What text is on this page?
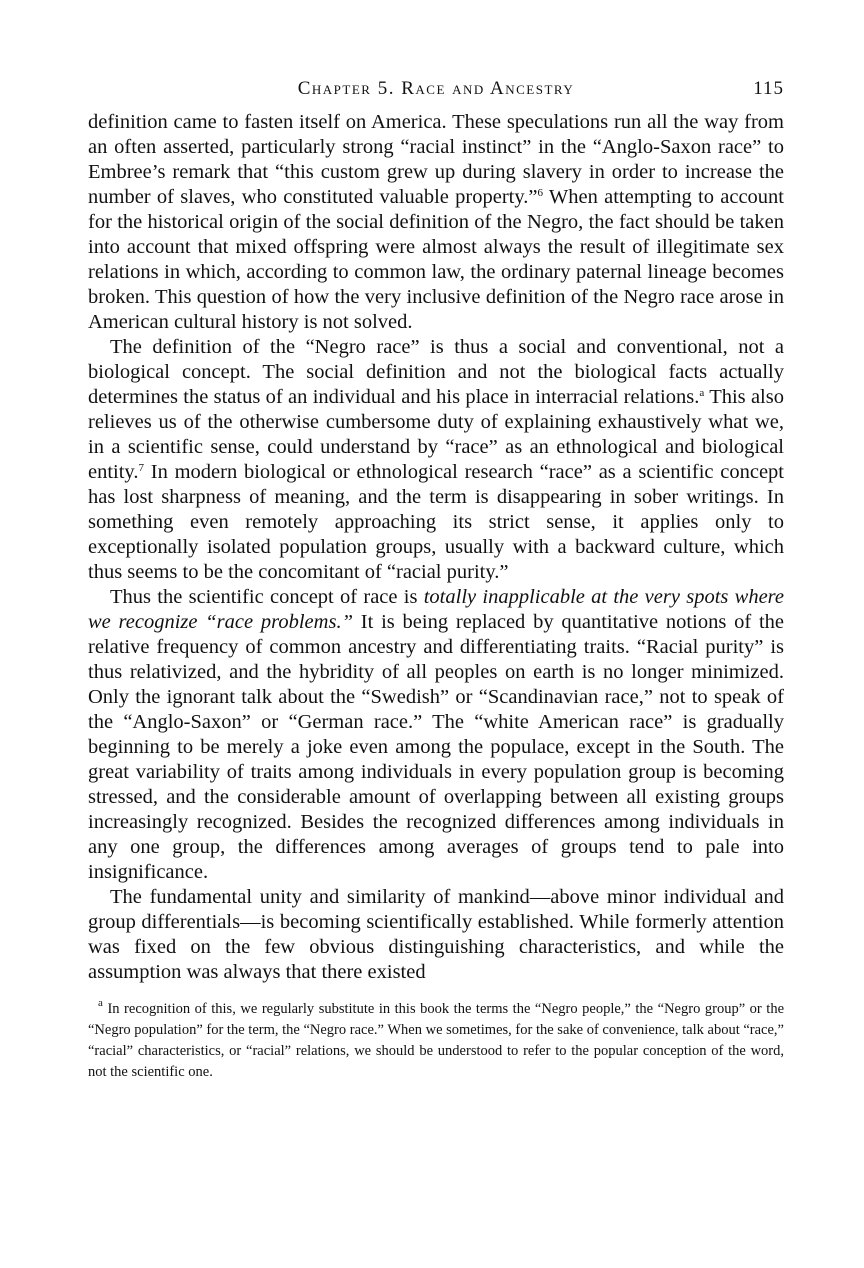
Chapter 5. Race and Ancestry	115

definition came to fasten itself on America. These speculations run all the way from an often asserted, particularly strong “racial instinct” in the “Anglo-Saxon race” to Embree’s remark that “this custom grew up during slavery in order to increase the number of slaves, who constituted valuable property.”$^6$ When attempting to account for the historical origin of the social definition of the Negro, the fact should be taken into account that mixed offspring were almost always the result of illegitimate sex relations in which, according to common law, the ordinary paternal lineage becomes broken. This question of how the very inclusive definition of the Negro race arose in American cultural history is not solved.

The definition of the “Negro race” is thus a social and conventional, not a biological concept. The social definition and not the biological facts actually determines the status of an individual and his place in interracial relations.$^a$ This also relieves us of the otherwise cumbersome duty of explaining exhaustively what we, in a scientific sense, could understand by “race” as an ethnological and biological entity.$^7$ In modern biological or ethnological research “race” as a scientific concept has lost sharpness of meaning, and the term is disappearing in sober writings. In something even remotely approaching its strict sense, it applies only to exceptionally isolated population groups, usually with a backward culture, which thus seems to be the concomitant of “racial purity.”

Thus the scientific concept of race is totally inapplicable at the very spots where we recognize “race problems.” It is being replaced by quantitative notions of the relative frequency of common ancestry and differentiating traits. “Racial purity” is thus relativized, and the hybridity of all peoples on earth is no longer minimized. Only the ignorant talk about the “Swedish” or “Scandinavian race,” not to speak of the “Anglo-Saxon” or “German race.” The “white American race” is gradually beginning to be merely a joke even among the populace, except in the South. The great variability of traits among individuals in every population group is becoming stressed, and the considerable amount of overlapping between all existing groups increasingly recognized. Besides the recognized differences among individuals in any one group, the differences among averages of groups tend to pale into insignificance.

The fundamental unity and similarity of mankind—above minor individual and group differentials—is becoming scientifically established. While formerly attention was fixed on the few obvious distinguishing characteristics, and while the assumption was always that there existed

$^a$ In recognition of this, we regularly substitute in this book the terms the “Negro people,” the “Negro group” or the “Negro population” for the term, the “Negro race.” When we sometimes, for the sake of convenience, talk about “race,” “racial” characteristics, or “racial” relations, we should be understood to refer to the popular conception of the word, not the scientific one.
